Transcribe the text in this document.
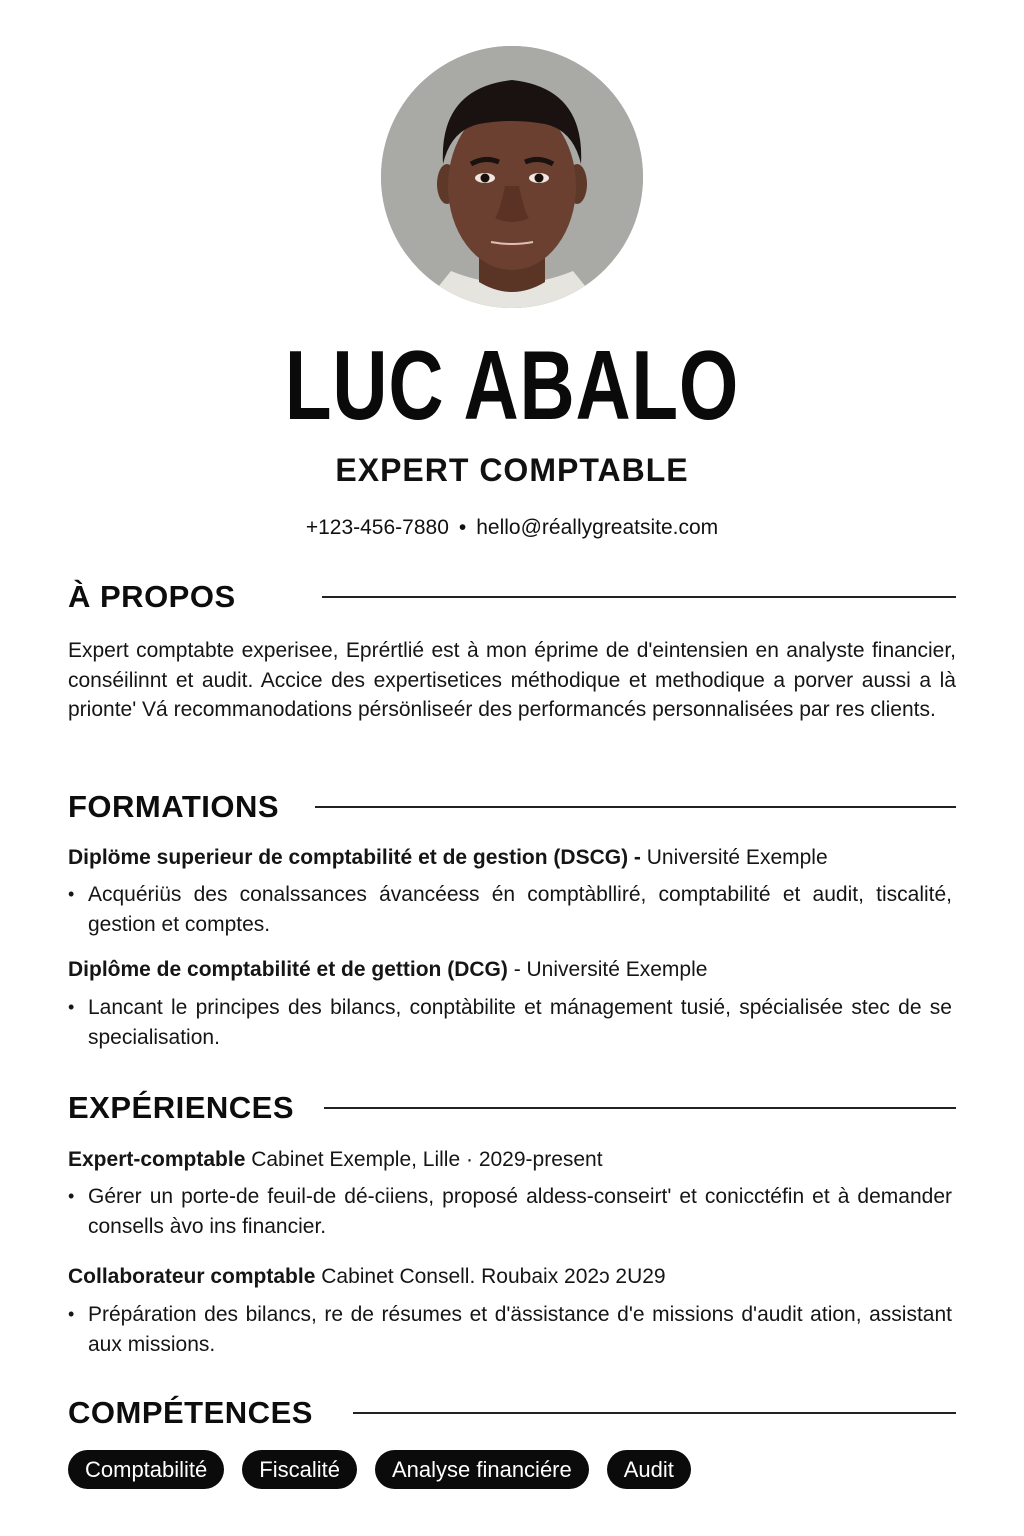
LUC ABALO
EXPERT COMPTABLE
+123-456-7880 • hello@réallygreatsite.com
À PROPOS
Expert comptabte experisee, Eprértlié est à mon éprime de d'eintensien en analyste financier, conséilinnt et audit. Accice des expertisetices méthodique et methodique a porver aussi a là prionte' Vá recommanodations pérsönliseér des performancés personnalisées par res clients.
FORMATIONS
Diplöme superieur de comptabilité et de gestion (DSCG) - Université Exemple
• Acquériüs des conalssances ávancéess én comptàblliré, comptabilité et audit, tiscalité, gestion et comptes.
Diplôme de comptabilité et de gettion (DCG) - Université Exemple
• Lancant le principes des bilancs, conptàbilite et mánagement tusié, spécialisée stec de se specialisation.
EXPÉRIENCES
Expert-comptable Cabinet Exemple, Lille · 2029-present
• Gérer un porte-de feuil-de dé-ciiens, proposé aldess-conseirt' et conicctéfin et à demander consells àvo ins financier.
Collaborateur comptable Cabinet Consell. Roubaix 202ɔ 2U29
• Prépáration des bilancs, re de résumes et d'ässistance d'e missions d'audit ation, assistant aux missions.
COMPÉTENCES
Comptabilité	Fiscalité	Analyse financiére	Audit
